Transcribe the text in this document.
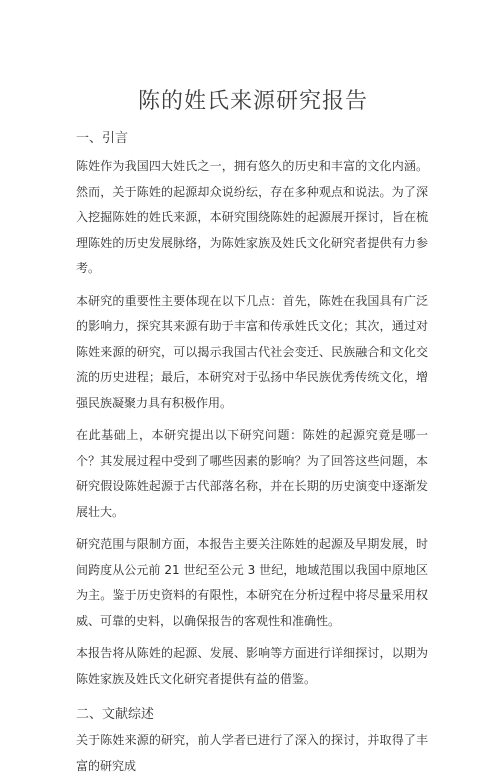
陈的姓氏来源研究报告
一、引言

陈姓作为我国四大姓氏之一，拥有悠久的历史和丰富的文化内涵。然而，关于陈姓的起源却众说纷纭，存在多种观点和说法。为了深入挖掘陈姓的姓氏来源，本研究围绕陈姓的起源展开探讨，旨在梳理陈姓的历史发展脉络，为陈姓家族及姓氏文化研究者提供有力参考。

本研究的重要性主要体现在以下几点：首先，陈姓在我国具有广泛的影响力，探究其来源有助于丰富和传承姓氏文化；其次，通过对陈姓来源的研究，可以揭示我国古代社会变迁、民族融合和文化交流的历史进程；最后，本研究对于弘扬中华民族优秀传统文化，增强民族凝聚力具有积极作用。

在此基础上，本研究提出以下研究问题：陈姓的起源究竟是哪一个？其发展过程中受到了哪些因素的影响？为了回答这些问题，本研究假设陈姓起源于古代部落名称，并在长期的历史演变中逐渐发展壮大。

研究范围与限制方面，本报告主要关注陈姓的起源及早期发展，时间跨度从公元前 21 世纪至公元 3 世纪，地域范围以我国中原地区为主。鉴于历史资料的有限性，本研究在分析过程中将尽量采用权威、可靠的史料，以确保报告的客观性和准确性。

本报告将从陈姓的起源、发展、影响等方面进行详细探讨，以期为陈姓家族及姓氏文化研究者提供有益的借鉴。

二、文献综述

关于陈姓来源的研究，前人学者已进行了深入的探讨，并取得了丰富的研究成
